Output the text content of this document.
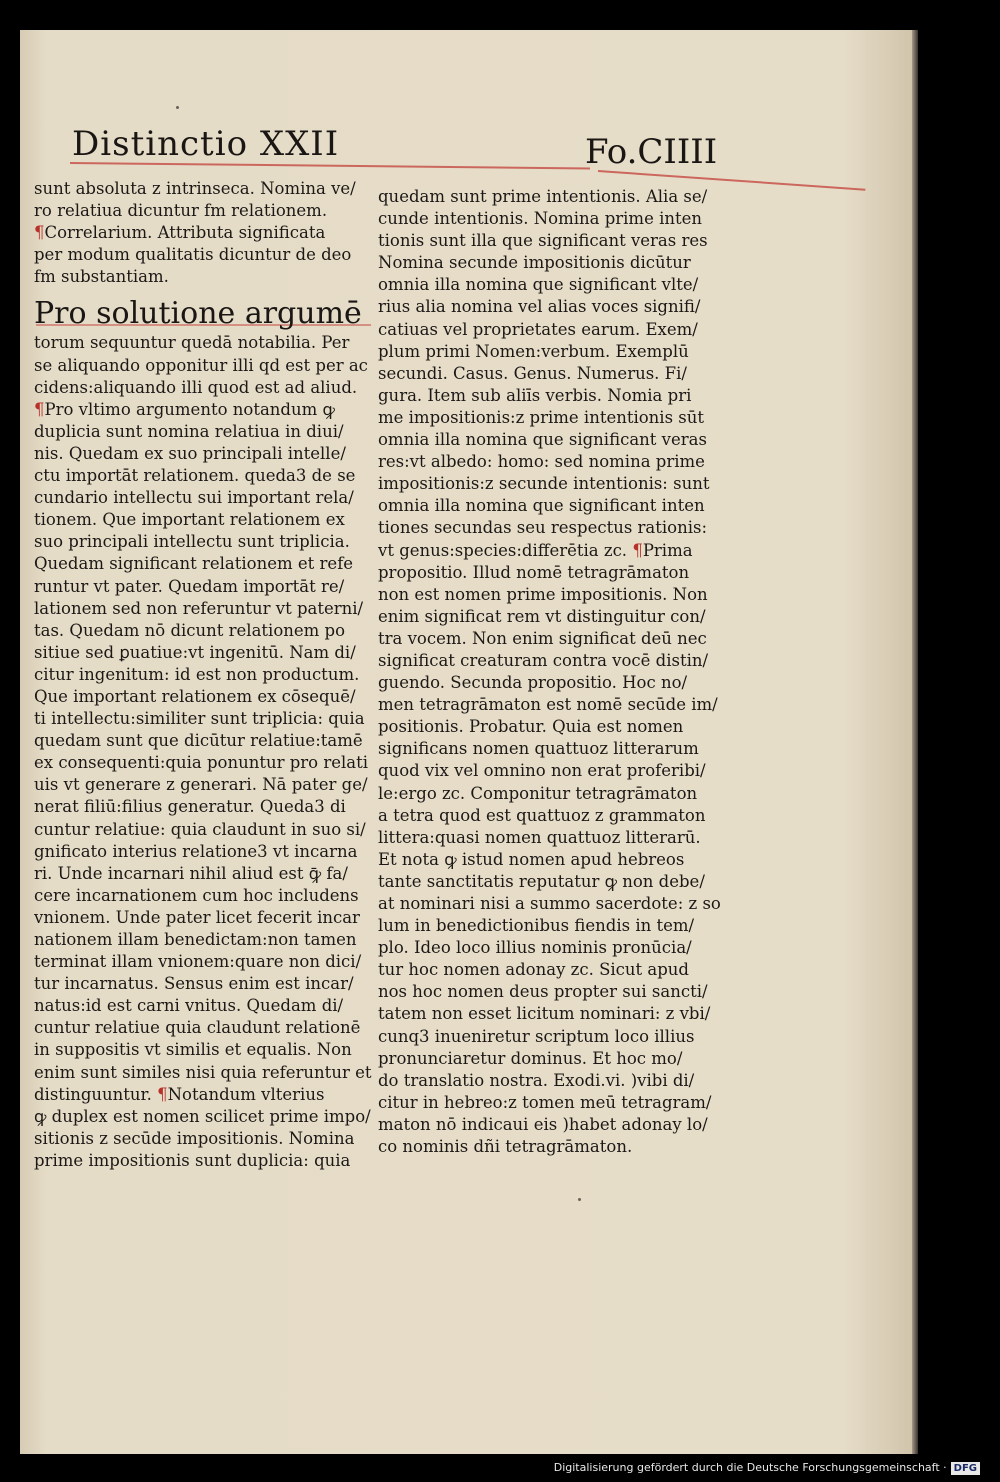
Distinctio XXII	Fo.CIIII
sunt absoluta z intrinseca. Nomina ve/
ro relatiua dicuntur fm relationem.
¶Correlarium. Attributa significata
per modum qualitatis dicuntur de deo
fm substantiam.
Pro solutione argumē
torum sequuntur quedā notabilia. Per
se aliquando opponitur illi qd est per ac
cidens:aliquando illi quod est ad aliud.
¶Pro vltimo argumento notandum ꝙ
duplicia sunt nomina relatiua in diui/
nis. Quedam ex suo principali intelle/
ctu importāt relationem. queda3 de se
cundario intellectu sui important rela/
tionem. Que important relationem ex
suo principali intellectu sunt triplicia.
Quedam significant relationem et refe
runtur vt pater. Quedam importāt re/
lationem sed non referuntur vt paterni/
tas. Quedam nō dicunt relationem po
sitiue sed ꝑuatiue:vt ingenitū. Nam di/
citur ingenitum: id est non productum.
Que important relationem ex cōsequē/
ti intellectu:similiter sunt triplicia: quia
quedam sunt que dicūtur relatiue:tamē
ex consequenti:quia ponuntur pro relati
uis vt generare z generari. Nā pater ge/
nerat filiū:filius generatur. Queda3 di
cuntur relatiue: quia claudunt in suo si/
gnificato interius relatione3 vt incarna
ri. Unde incarnari nihil aliud est ꝙ̄ fa/
cere incarnationem cum hoc includens
vnionem. Unde pater licet fecerit incar
nationem illam benedictam:non tamen
terminat illam vnionem:quare non dici/
tur incarnatus. Sensus enim est incar/
natus:id est carni vnitus. Quedam di/
cuntur relatiue quia claudunt relationē
in suppositis vt similis et equalis. Non
enim sunt similes nisi quia referuntur et
distinguuntur. ¶Notandum vlterius
ꝙ duplex est nomen scilicet prime impo/
sitionis z secūde impositionis. Nomina
prime impositionis sunt duplicia: quia
quedam sunt prime intentionis. Alia se/
cunde intentionis. Nomina prime inten
tionis sunt illa que significant veras res
Nomina secunde impositionis dicūtur
omnia illa nomina que significant vlte/
rius alia nomina vel alias voces signifi/
catiuas vel proprietates earum. Exem/
plum primi Nomen:verbum. Exemplū
secundi. Casus. Genus. Numerus. Fi/
gura. Item sub aliīs verbis. Nomia pri
me impositionis:z prime intentionis sūt
omnia illa nomina que significant veras
res:vt albedo: homo: sed nomina prime
impositionis:z secunde intentionis: sunt
omnia illa nomina que significant inten
tiones secundas seu respectus rationis:
vt genus:species:differētia zc. ¶Prima
propositio. Illud nomē tetragrāmaton
non est nomen prime impositionis. Non
enim significat rem vt distinguitur con/
tra vocem. Non enim significat deū nec
significat creaturam contra vocē distin/
guendo. Secunda propositio. Hoc no/
men tetragrāmaton est nomē secūde im/
positionis. Probatur. Quia est nomen
significans nomen quattuoz litterarum
quod vix vel omnino non erat proferibi/
le:ergo zc. Componitur tetragrāmaton
a tetra quod est quattuoz z grammaton
littera:quasi nomen quattuoz litterarū.
Et nota ꝙ istud nomen apud hebreos
tante sanctitatis reputatur ꝙ non debe/
at nominari nisi a summo sacerdote: z so
lum in benedictionibus fiendis in tem/
plo. Ideo loco illius nominis pronūcia/
tur hoc nomen adonay zc. Sicut apud
nos hoc nomen deus propter sui sancti/
tatem non esset licitum nominari: z vbi/
cunq3 inueniretur scriptum loco illius
pronunciaretur dominus. Et hoc mo/
do translatio nostra. Exodi.vi. )vibi di/
citur in hebreo:z tomen meū tetragram/
maton nō indicaui eis )habet adonay lo/
co nominis dñi tetragrāmaton.
Digitalisierung gefördert durch die Deutsche Forschungsgemeinschaft · DFG
